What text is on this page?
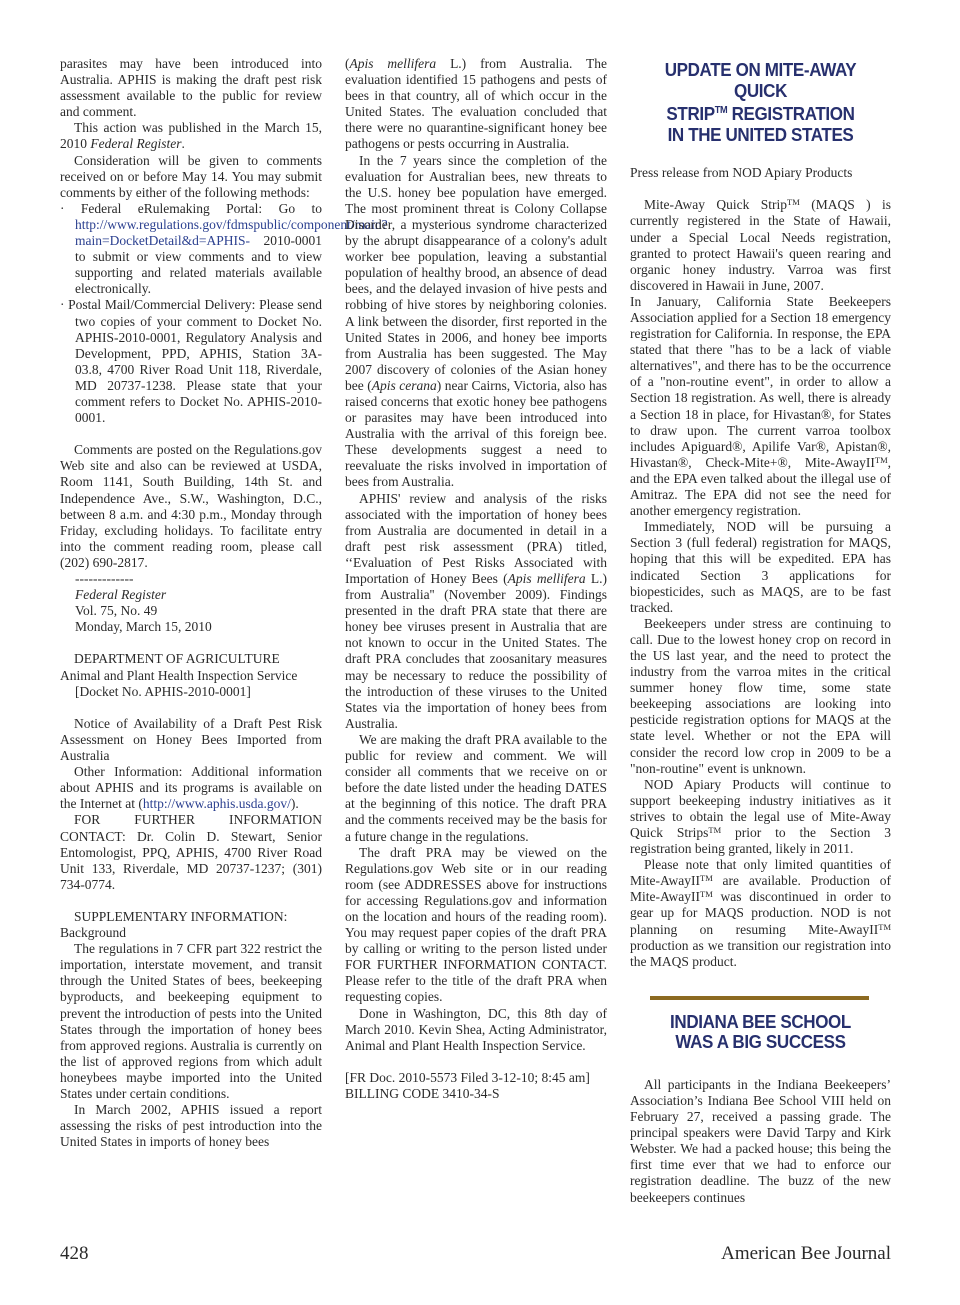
parasites may have been introduced into Australia. APHIS is making the draft pest risk assessment available to the public for review and comment.

This action was published in the March 15, 2010 Federal Register.

Consideration will be given to comments received on or before May 14. You may submit comments by either of the following methods:

· Federal eRulemaking Portal: Go to http://www.regulations.gov/fdmspublic/component/main?main=DocketDetail&d=APHIS- 2010-0001 to submit or view comments and to view supporting and related materials available electronically.

· Postal Mail/Commercial Delivery: Please send two copies of your comment to Docket No. APHIS-2010-0001, Regulatory Analysis and Development, PPD, APHIS, Station 3A- 03.8, 4700 River Road Unit 118, Riverdale, MD 20737-1238. Please state that your comment refers to Docket No. APHIS-2010-0001.

Comments are posted on the Regulations.gov Web site and also can be reviewed at USDA, Room 1141, South Building, 14th St. and Independence Ave., S.W., Washington, D.C., between 8 a.m. and 4:30 p.m., Monday through Friday, excluding holidays. To facilitate entry into the comment reading room, please call (202) 690-2817.

-------------

Federal Register

Vol. 75, No. 49

Monday, March 15, 2010

DEPARTMENT OF AGRICULTURE

Animal and Plant Health Inspection Service

[Docket No. APHIS-2010-0001]

Notice of Availability of a Draft Pest Risk Assessment on Honey Bees Imported from Australia

Other Information: Additional information about APHIS and its programs is available on the Internet at (http://www.aphis.usda.gov/).

FOR FURTHER INFORMATION CONTACT: Dr. Colin D. Stewart, Senior Entomologist, PPQ, APHIS, 4700 River Road Unit 133, Riverdale, MD 20737-1237; (301) 734-0774.

SUPPLEMENTARY INFORMATION:

Background

The regulations in 7 CFR part 322 restrict the importation, interstate movement, and transit through the United States of bees, beekeeping byproducts, and beekeeping equipment to prevent the introduction of pests into the United States through the importation of honey bees from approved regions. Australia is currently on the list of approved regions from which adult honeybees maybe imported into the United States under certain conditions.

In March 2002, APHIS issued a report assessing the risks of pest introduction into the United States in imports of honey bees

(Apis mellifera L.) from Australia. The evaluation identified 15 pathogens and pests of bees in that country, all of which occur in the United States. The evaluation concluded that there were no quarantine-significant honey bee pathogens or pests occurring in Australia.

In the 7 years since the completion of the evaluation for Australian bees, new threats to the U.S. honey bee population have emerged. The most prominent threat is Colony Collapse Disorder, a mysterious syndrome characterized by the abrupt disappearance of a colony's adult worker bee population, leaving a substantial population of healthy brood, an absence of dead bees, and the delayed invasion of hive pests and robbing of hive stores by neighboring colonies. A link between the disorder, first reported in the United States in 2006, and honey bee imports from Australia has been suggested. The May 2007 discovery of colonies of the Asian honey bee (Apis cerana) near Cairns, Victoria, also has raised concerns that exotic honey bee pathogens or parasites may have been introduced into Australia with the arrival of this foreign bee. These developments suggest a need to reevaluate the risks involved in importation of bees from Australia.

APHIS' review and analysis of the risks associated with the importation of honey bees from Australia are documented in detail in a draft pest risk assessment (PRA) titled, ‘‘Evaluation of Pest Risks Associated with Importation of Honey Bees (Apis mellifera L.) from Australia'' (November 2009). Findings presented in the draft PRA state that there are honey bee viruses present in Australia that are not known to occur in the United States. The draft PRA concludes that zoosanitary measures may be necessary to reduce the possibility of the introduction of these viruses to the United States via the importation of honey bees from Australia.

We are making the draft PRA available to the public for review and comment. We will consider all comments that we receive on or before the date listed under the heading DATES at the beginning of this notice. The draft PRA and the comments received may be the basis for a future change in the regulations.

The draft PRA may be viewed on the Regulations.gov Web site or in our reading room (see ADDRESSES above for instructions for accessing Regulations.gov and information on the location and hours of the reading room). You may request paper copies of the draft PRA by calling or writing to the person listed under FOR FURTHER INFORMATION CONTACT. Please refer to the title of the draft PRA when requesting copies.

Done in Washington, DC, this 8th day of March 2010. Kevin Shea, Acting Administrator, Animal and Plant Health Inspection Service.

[FR Doc. 2010-5573 Filed 3-12-10; 8:45 am]

BILLING CODE 3410-34-S

UPDATE ON MITE-AWAY QUICK

STRIP™ REGISTRATION

IN THE UNITED STATES

Press release from NOD Apiary Products

Mite-Away Quick Strip™ (MAQS ) is currently registered in the State of Hawaii, under a Special Local Needs registration, granted to protect Hawaii's queen rearing and organic honey industry. Varroa was first discovered in Hawaii in June, 2007.

In January, California State Beekeepers Association applied for a Section 18 emergency registration for California. In response, the EPA stated that there "has to be a lack of viable alternatives", and there has to be the occurrence of a "non-routine event", in order to allow a Section 18 registration. As well, there is already a Section 18 in place, for Hivastan®, for States to draw upon. The current varroa toolbox includes Apiguard®, Apilife Var®, Apistan®, Hivastan®, Check-Mite+®, Mite-AwayII™, and the EPA even talked about the illegal use of Amitraz. The EPA did not see the need for another emergency registration.

Immediately, NOD will be pursuing a Section 3 (full federal) registration for MAQS, hoping that this will be expedited. EPA has indicated Section 3 applications for biopesticides, such as MAQS, are to be fast tracked.

Beekeepers under stress are continuing to call. Due to the lowest honey crop on record in the US last year, and the need to protect the industry from the varroa mites in the critical summer honey flow time, some state beekeeping associations are looking into pesticide registration options for MAQS at the state level. Whether or not the EPA will consider the record low crop in 2009 to be a "non-routine" event is unknown.

NOD Apiary Products will continue to support beekeeping industry initiatives as it strives to obtain the legal use of Mite-Away Quick Strips™ prior to the Section 3 registration being granted, likely in 2011.

Please note that only limited quantities of Mite-AwayII™ are available. Production of Mite-AwayII™ was discontinued in order to gear up for MAQS production. NOD is not planning on resuming Mite-AwayII™ production as we transition our registration into the MAQS product.

INDIANA BEE SCHOOL

WAS A BIG SUCCESS

All participants in the Indiana Beekeepers’ Association’s Indiana Bee School VIII held on February 27, received a passing grade. The principal speakers were David Tarpy and Kirk Webster. We had a packed house; this being the first time ever that we had to enforce our registration deadline. The buzz of the new beekeepers continues

428	American Bee Journal
